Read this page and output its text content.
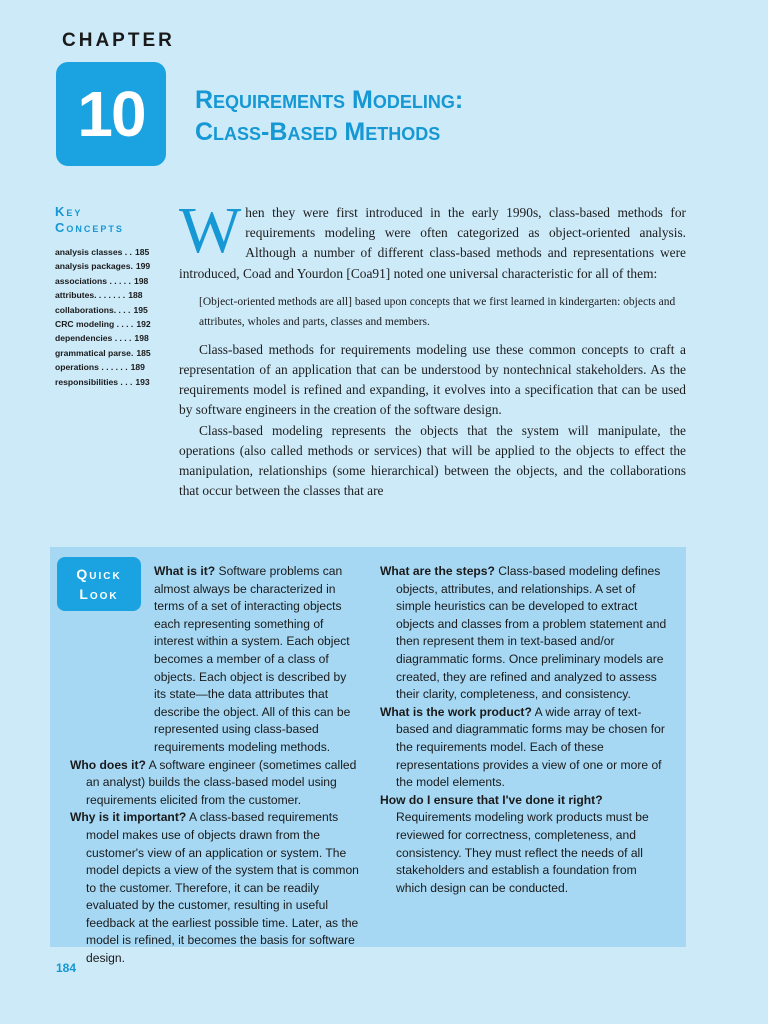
CHAPTER
10 Requirements Modeling:
Class-Based Methods
Key
Concepts
analysis classes . . 185
analysis packages. 199
associations . . . . . 198
attributes. . . . . . . 188
collaborations. . . . 195
CRC modeling . . . . 192
dependencies . . . . 198
grammatical parse. 185
operations . . . . . . 189
responsibilities . . . 193

When they were first introduced in the early 1990s, class-based methods for requirements modeling were often categorized as object-oriented analysis. Although a number of different class-based methods and representations were introduced, Coad and Yourdon [Coa91] noted one universal characteristic for all of them:

[Object-oriented methods are all] based upon concepts that we first learned in kindergarten: objects and attributes, wholes and parts, classes and members.

Class-based methods for requirements modeling use these common concepts to craft a representation of an application that can be understood by nontechnical stakeholders. As the requirements model is refined and expanding, it evolves into a specification that can be used by software engineers in the creation of the software design.

Class-based modeling represents the objects that the system will manipulate, the operations (also called methods or services) that will be applied to the objects to effect the manipulation, relationships (some hierarchical) between the objects, and the collaborations that occur between the classes that are

Quick
Look

What is it? Software problems can almost always be characterized in terms of a set of interacting objects each representing something of interest within a system. Each object becomes a member of a class of objects. Each object is described by its state—the data attributes that describe the object. All of this can be represented using class-based requirements modeling methods.

Who does it? A software engineer (sometimes called an analyst) builds the class-based model using requirements elicited from the customer.

Why is it important? A class-based requirements model makes use of objects drawn from the customer's view of an application or system. The model depicts a view of the system that is common to the customer. Therefore, it can be readily evaluated by the customer, resulting in useful feedback at the earliest possible time. Later, as the model is refined, it becomes the basis for software design.

What are the steps? Class-based modeling defines objects, attributes, and relationships. A set of simple heuristics can be developed to extract objects and classes from a problem statement and then represent them in text-based and/or diagrammatic forms. Once preliminary models are created, they are refined and analyzed to assess their clarity, completeness, and consistency.

What is the work product? A wide array of text-based and diagrammatic forms may be chosen for the requirements model. Each of these representations provides a view of one or more of the model elements.

How do I ensure that I've done it right? Requirements modeling work products must be reviewed for correctness, completeness, and consistency. They must reflect the needs of all stakeholders and establish a foundation from which design can be conducted.

184
